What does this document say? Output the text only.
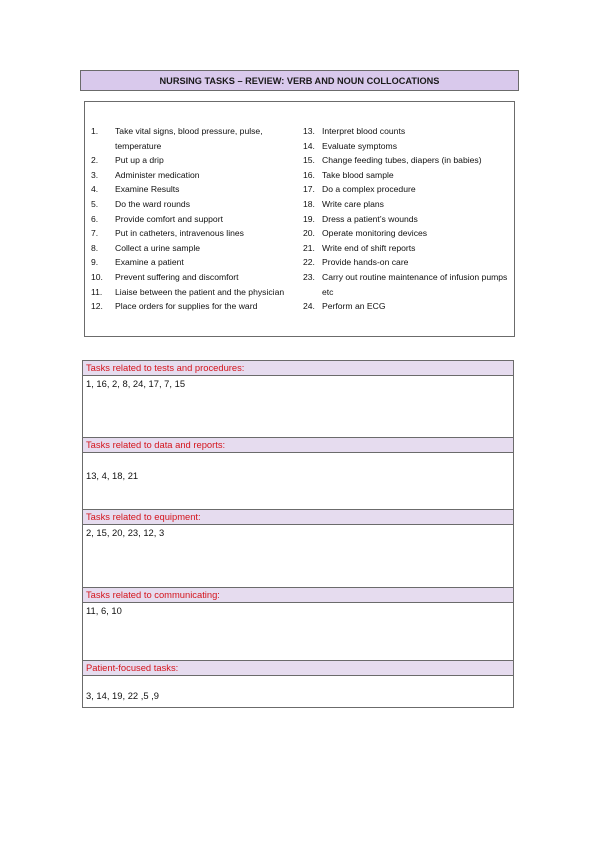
NURSING TASKS – REVIEW: VERB AND NOUN COLLOCATIONS
1.	Take vital signs, blood pressure, pulse, temperature
2.	Put up a drip
3.	Administer medication
4.	Examine Results
5.	Do the ward rounds
6.	Provide comfort and support
7.	Put in catheters, intravenous lines
8.	Collect a urine sample
9.	Examine a patient
10.	Prevent suffering and discomfort
11.	Liaise between the patient and the physician
12.	Place orders for supplies for the ward
13. Interpret blood counts
14. Evaluate symptoms
15. Change feeding tubes, diapers (in babies)
16. Take blood sample
17. Do a complex procedure
18. Write care plans
19. Dress a patient’s wounds
20. Operate monitoring devices
21. Write end of shift reports
22. Provide hands-on care
23. Carry out routine maintenance of infusion pumps etc
24. Perform an ECG
Tasks related to tests and procedures:
1, 16, 2, 8, 24, 17, 7, 15
Tasks related to data and reports:
13, 4, 18, 21
Tasks related to equipment:
2, 15, 20, 23, 12, 3
Tasks related to communicating:
11, 6, 10
Patient-focused tasks:
3, 14, 19, 22 ,5 ,9
